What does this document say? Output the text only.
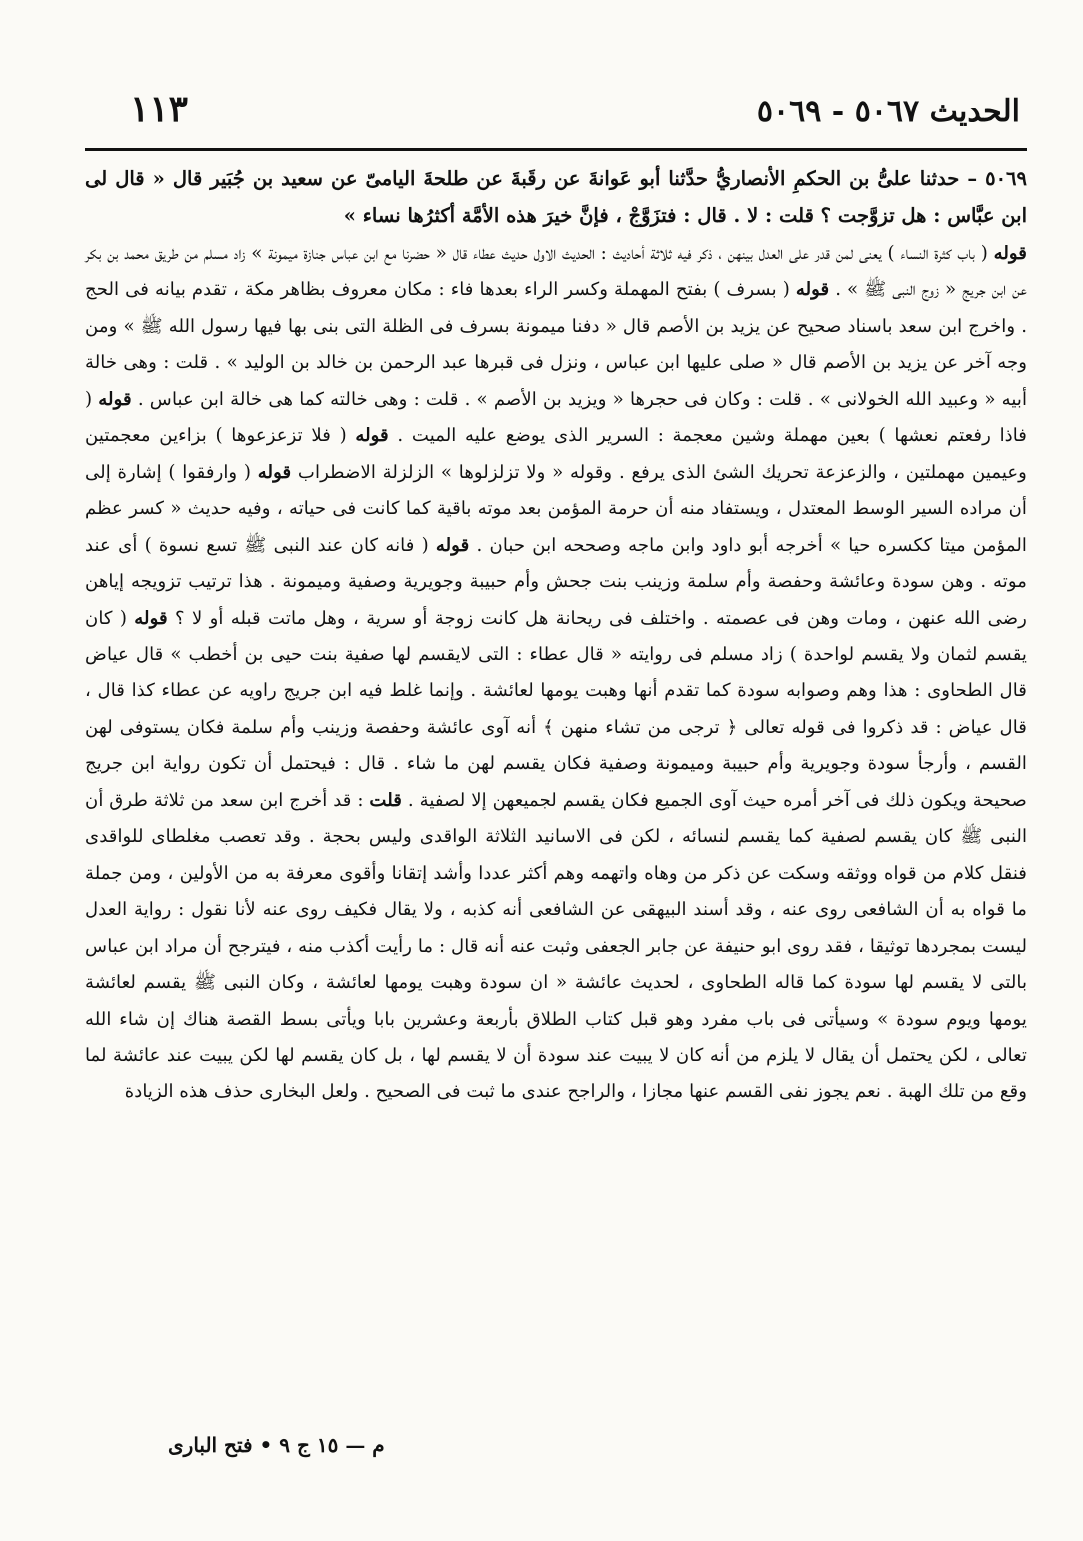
الحديث ٥٠٦٧ - ٥٠٦٩
١١٣

٥٠٦٩ – حدثنا علىُّ بن الحكمِ الأنصاريُّ حدَّثنا أبو عَوانةَ عن رقَبةَ عن طلحةَ اليامىّ عن سعيد بن جُبَير قال « قال لى ابن عبَّاس : هل تزوَّجت ؟ قلت : لا . قال : فتزَوَّجْ ، فإنَّ خيرَ هذه الأمَّة أكثرُها نساء »

قوله ( باب كثرة النساء ) يعنى لمن قدر على العدل بينهن ، ذكر فيه ثلاثة أحاديث : الحديث الاول حديث عطاء قال « حضرنا مع ابن عباس جنازة ميمونة » زاد مسلم من طريق محمد بن بكر عن ابن جريج « زوج النبى ﷺ » . قوله ( بسرف ) بفتح المهملة وكسر الراء بعدها فاء : مكان معروف بظاهر مكة ، تقدم بيانه فى الحج . واخرج ابن سعد باسناد صحيح عن يزيد بن الأصم قال « دفنا ميمونة بسرف فى الظلة التى بنى بها فيها رسول الله ﷺ » ومن وجه آخر عن يزيد بن الأصم قال « صلى عليها ابن عباس ، ونزل فى قبرها عبد الرحمن بن خالد بن الوليد » . قلت : وهى خالة أبيه « وعبيد الله الخولانى » . قلت : وكان فى حجرها « ويزيد بن الأصم » . قلت : وهى خالته كما هى خالة ابن عباس . قوله ( فاذا رفعتم نعشها ) بعين مهملة وشين معجمة : السرير الذى يوضع عليه الميت . قوله ( فلا تزعزعوها ) بزاءين معجمتين وعيمين مهملتين ، والزعزعة تحريك الشئ الذى يرفع . وقوله « ولا تزلزلوها » الزلزلة الاضطراب قوله ( وارفقوا ) إشارة إلى أن مراده السير الوسط المعتدل ، ويستفاد منه أن حرمة المؤمن بعد موته باقية كما كانت فى حياته ، وفيه حديث « كسر عظم المؤمن ميتا ككسره حيا » أخرجه أبو داود وابن ماجه وصححه ابن حبان . قوله ( فانه كان عند النبى ﷺ تسع نسوة ) أى عند موته . وهن سودة وعائشة وحفصة وأم سلمة وزينب بنت جحش وأم حبيبة وجويرية وصفية وميمونة . هذا ترتيب تزويجه إياهن رضى الله عنهن ، ومات وهن فى عصمته . واختلف فى ريحانة هل كانت زوجة أو سرية ، وهل ماتت قبله أو لا ؟ قوله ( كان يقسم لثمان ولا يقسم لواحدة ) زاد مسلم فى روايته « قال عطاء : التى لايقسم لها صفية بنت حيى بن أخطب » قال عياض قال الطحاوى : هذا وهم وصوابه سودة كما تقدم أنها وهبت يومها لعائشة . وإنما غلط فيه ابن جريج راويه عن عطاء كذا قال ، قال عياض : قد ذكروا فى قوله تعالى ﴿ ترجى من تشاء منهن ﴾ أنه آوى عائشة وحفصة وزينب وأم سلمة فكان يستوفى لهن القسم ، وأرجأ سودة وجويرية وأم حبيبة وميمونة وصفية فكان يقسم لهن ما شاء . قال : فيحتمل أن تكون رواية ابن جريج صحيحة ويكون ذلك فى آخر أمره حيث آوى الجميع فكان يقسم لجميعهن إلا لصفية . قلت : قد أخرج ابن سعد من ثلاثة طرق أن النبى ﷺ كان يقسم لصفية كما يقسم لنسائه ، لكن فى الاسانيد الثلاثة الواقدى وليس بحجة . وقد تعصب مغلطاى للواقدى فنقل كلام من قواه ووثقه وسكت عن ذكر من وهاه واتهمه وهم أكثر عددا وأشد إتقانا وأقوى معرفة به من الأولين ، ومن جملة ما قواه به أن الشافعى روى عنه ، وقد أسند البيهقى عن الشافعى أنه كذبه ، ولا يقال فكيف روى عنه لأنا نقول : رواية العدل ليست بمجردها توثيقا ، فقد روى ابو حنيفة عن جابر الجعفى وثبت عنه أنه قال : ما رأيت أكذب منه ، فيترجح أن مراد ابن عباس بالتى لا يقسم لها سودة كما قاله الطحاوى ، لحديث عائشة « ان سودة وهبت يومها لعائشة ، وكان النبى ﷺ يقسم لعائشة يومها ويوم سودة » وسيأتى فى باب مفرد وهو قبل كتاب الطلاق بأربعة وعشرين بابا ويأتى بسط القصة هناك إن شاء الله تعالى ، لكن يحتمل أن يقال لا يلزم من أنه كان لا يبيت عند سودة أن لا يقسم لها ، بل كان يقسم لها لكن يبيت عند عائشة لما وقع من تلك الهبة . نعم يجوز نفى القسم عنها مجازا ، والراجح عندى ما ثبت فى الصحيح . ولعل البخارى حذف هذه الزيادة

م — ١٥ ج ٩ • فتح البارى
